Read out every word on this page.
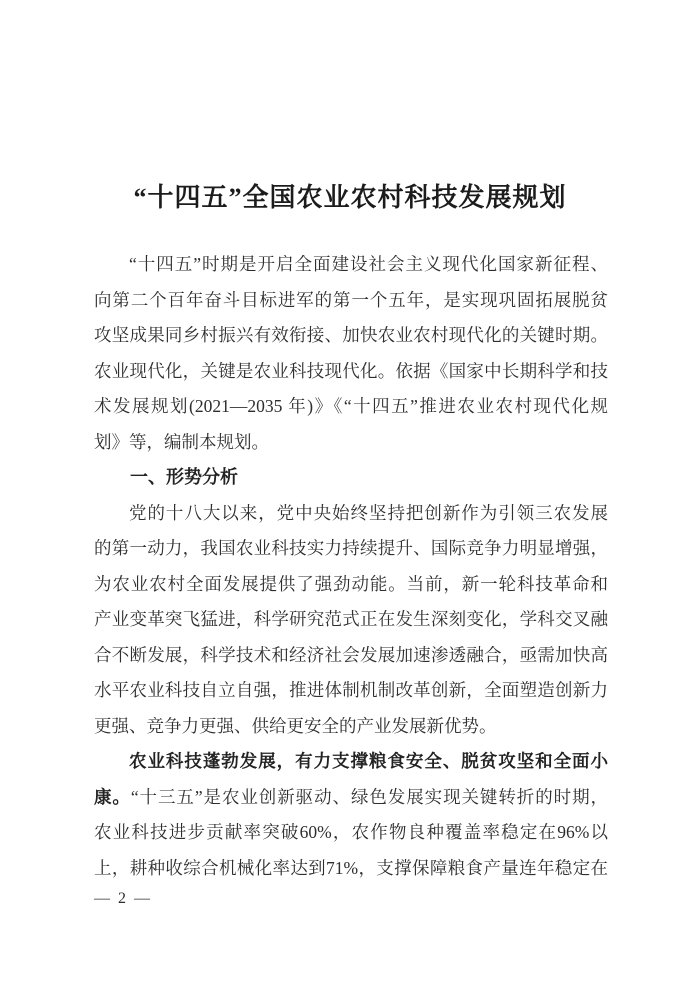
“十四五”全国农业农村科技发展规划
“十四五”时期是开启全面建设社会主义现代化国家新征程、
向第二个百年奋斗目标进军的第一个五年，是实现巩固拓展脱贫
攻坚成果同乡村振兴有效衔接、加快农业农村现代化的关键时期。
农业现代化，关键是农业科技现代化。依据《国家中长期科学和技
术发展规划(2021—2035 年)》《“十四五”推进农业农村现代化规
划》等，编制本规划。
一、形势分析
党的十八大以来，党中央始终坚持把创新作为引领三农发展
的第一动力，我国农业科技实力持续提升、国际竞争力明显增强，
为农业农村全面发展提供了强劲动能。当前，新一轮科技革命和
产业变革突飞猛进，科学研究范式正在发生深刻变化，学科交叉融
合不断发展，科学技术和经济社会发展加速渗透融合，亟需加快高
水平农业科技自立自强，推进体制机制改革创新，全面塑造创新力
更强、竞争力更强、供给更安全的产业发展新优势。
农业科技蓬勃发展，有力支撑粮食安全、脱贫攻坚和全面小
康。“十三五”是农业创新驱动、绿色发展实现关键转折的时期，
农业科技进步贡献率突破60%，农作物良种覆盖率稳定在96%以
上，耕种收综合机械化率达到71%，支撑保障粮食产量连年稳定在
— 2 —
